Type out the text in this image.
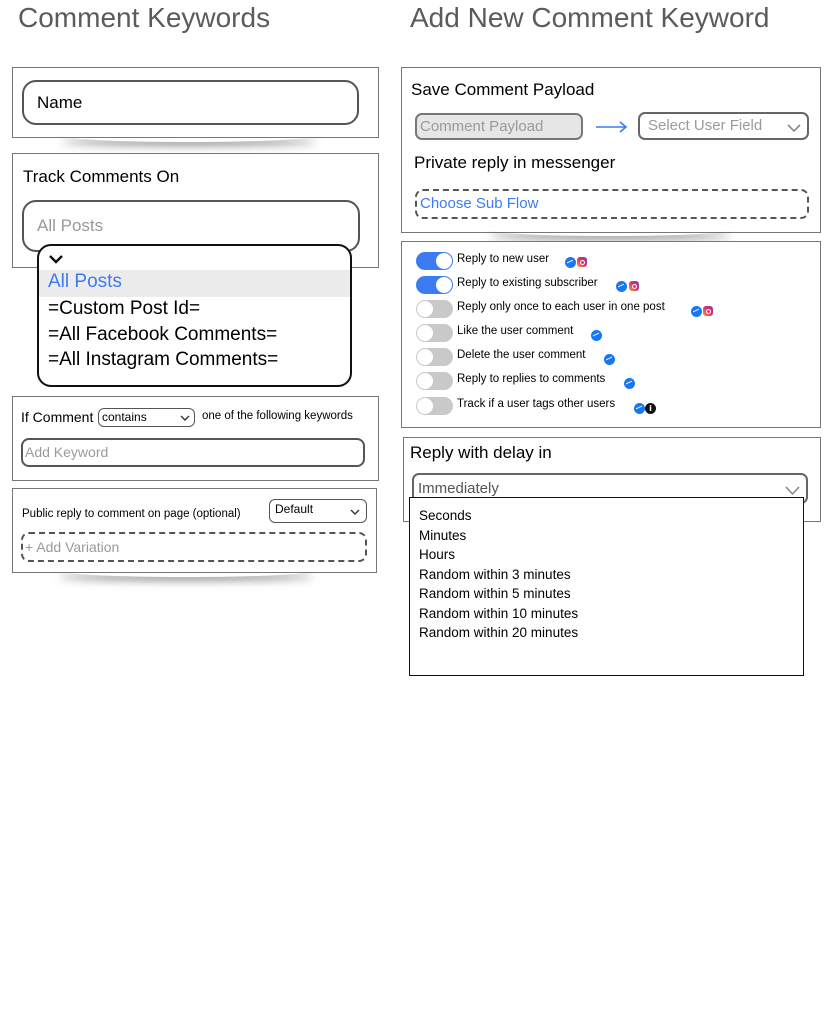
Comment Keywords
Name
Track Comments On
All Posts
All Posts
=Custom Post Id=
=All Facebook Comments=
=All Instagram Comments=
If Comment contains	one of the following keywords
Add Keyword
Public reply to comment on page (optional)	Default
+ Add Variation
Add New Comment Keyword
Save Comment Payload
Comment Payload	Select User Field
Private reply in messenger
Choose Sub Flow
Reply to new user
Reply to existing subscriber
Reply only once to each user in one post
Like the user comment
Delete the user comment
Reply to replies to comments
Track if a user tags other users	i
Reply with delay in
Immediately
Seconds
Minutes
Hours
Random within 3 minutes
Random within 5 minutes
Random within 10 minutes
Random within 20 minutes
